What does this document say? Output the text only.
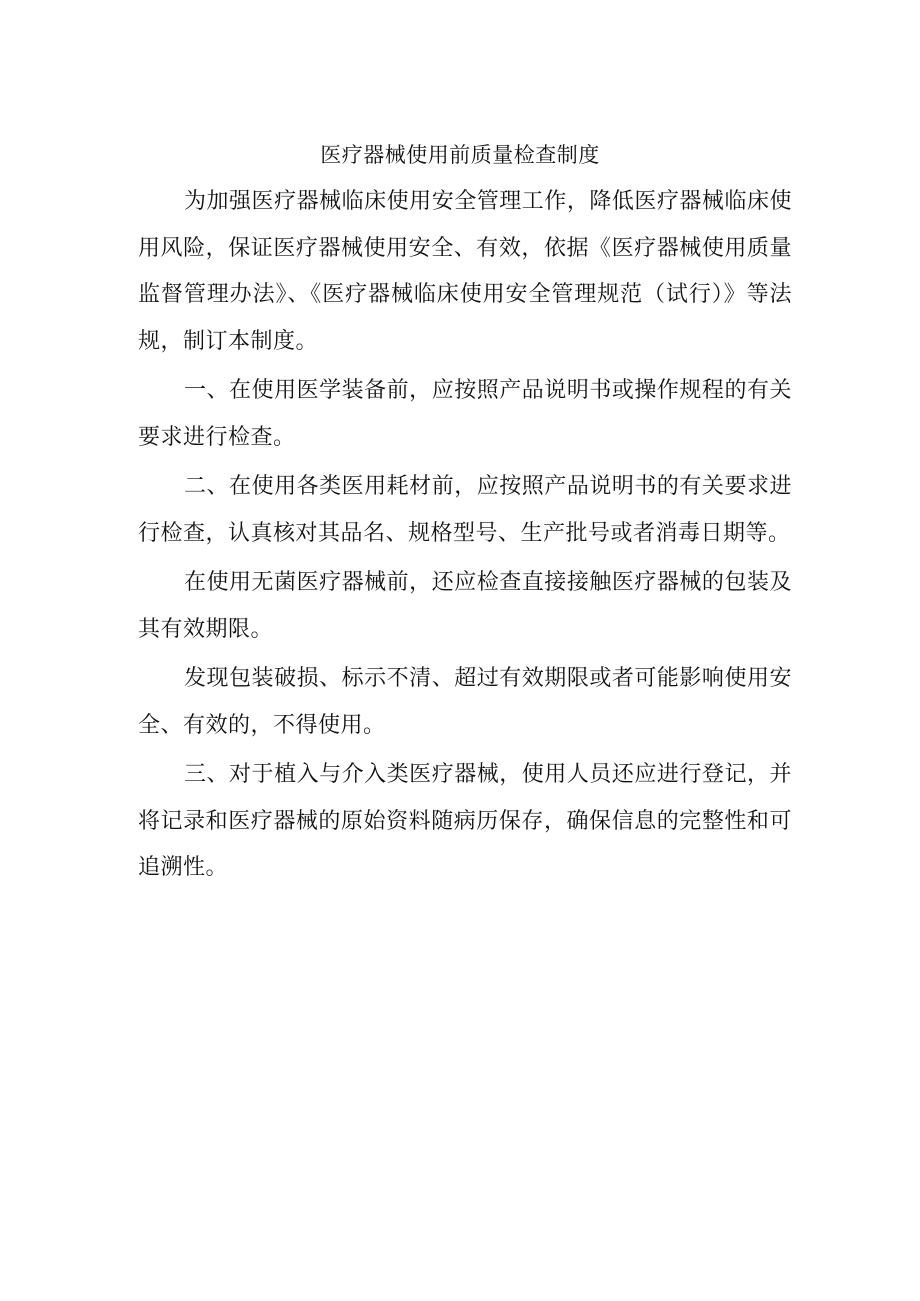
医疗器械使用前质量检查制度

为加强医疗器械临床使用安全管理工作，降低医疗器械临床使用风险，保证医疗器械使用安全、有效，依据《医疗器械使用质量监督管理办法》、《医疗器械临床使用安全管理规范（试行）》等法规，制订本制度。

一、在使用医学装备前，应按照产品说明书或操作规程的有关要求进行检查。

二、在使用各类医用耗材前，应按照产品说明书的有关要求进行检查，认真核对其品名、规格型号、生产批号或者消毒日期等。

在使用无菌医疗器械前，还应检查直接接触医疗器械的包装及其有效期限。

发现包装破损、标示不清、超过有效期限或者可能影响使用安全、有效的，不得使用。

三、对于植入与介入类医疗器械，使用人员还应进行登记，并将记录和医疗器械的原始资料随病历保存，确保信息的完整性和可追溯性。
